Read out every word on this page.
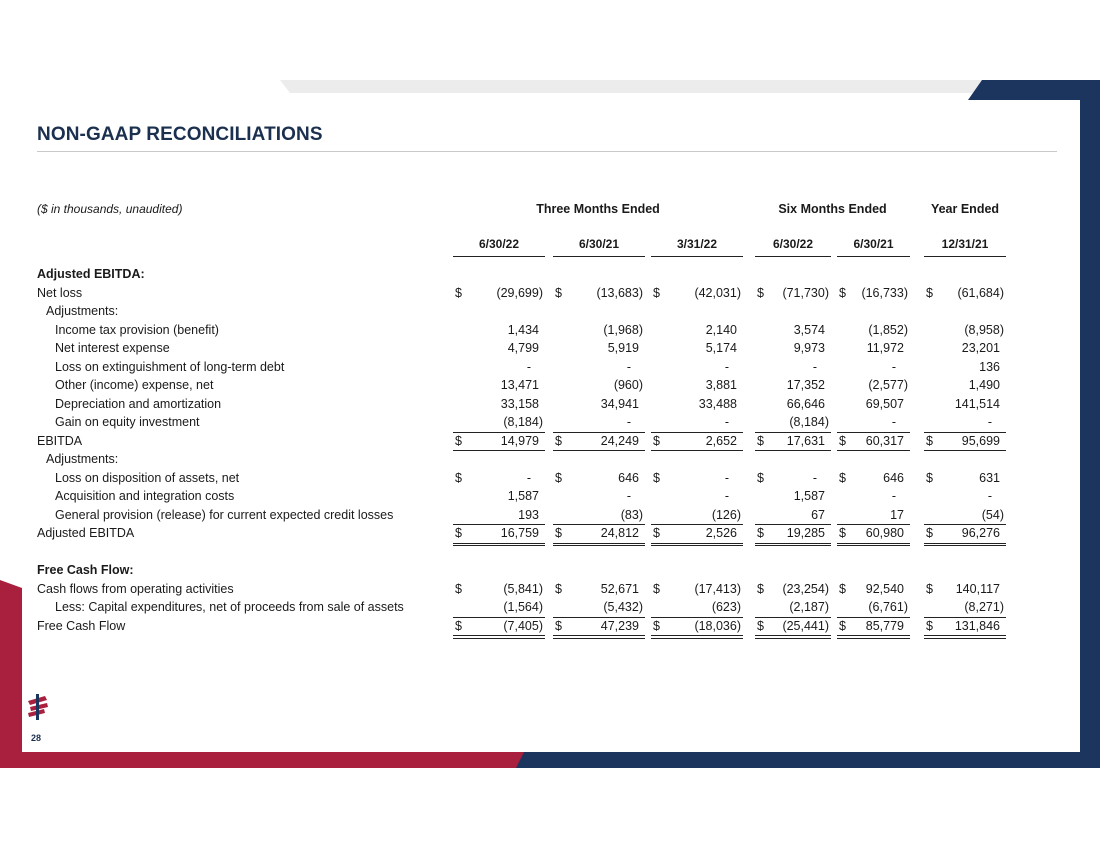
NON-GAAP RECONCILIATIONS
($ in thousands, unaudited)	Three Months Ended	Six Months Ended	Year Ended
6/30/22	6/30/21	3/31/22	6/30/22	6/30/21	12/31/21
Adjusted EBITDA:
Net loss	$	(29,699) $	(13,683) $	(42,031) $ (71,730) $ (16,733) $ (61,684)
Adjustments:
Income tax provision (benefit)	1,434	(1,968)	2,140	3,574	(1,852)	(8,958)
Net interest expense	4,799	5,919	5,174	9,973	11,972	23,201
Loss on extinguishment of long-term debt	-	-	-	-	-	136
Other (income) expense, net	13,471	(960)	3,881	17,352	(2,577)	1,490
Depreciation and amortization	33,158	34,941	33,488	66,646	69,507	141,514
Gain on equity investment	(8,184)	-	-	(8,184)	-	-
EBITDA	$	14,979 $	24,249 $	2,652 $ 17,631 $ 60,317 $ 95,699
Adjustments:
Loss on disposition of assets, net	$	- $	646 $	- $	- $	646 $	631
Acquisition and integration costs	1,587	-	-	1,587	-	-
General provision (release) for current expected credit losses	193	(83)	(126)	67	17	(54)
Adjusted EBITDA	$	16,759 $	24,812 $	2,526 $ 19,285 $ 60,980 $ 96,276
Free Cash Flow:
Cash flows from operating activities	$	(5,841) $	52,671 $	(17,413) $ (23,254) $ 92,540 $ 140,117
Less: Capital expenditures, net of proceeds from sale of assets	(1,564)	(5,432)	(623)	(2,187)	(6,761)	(8,271)
Free Cash Flow	$	(7,405) $	47,239 $	(18,036) $ (25,441) $ 85,779 $ 131,846
28
